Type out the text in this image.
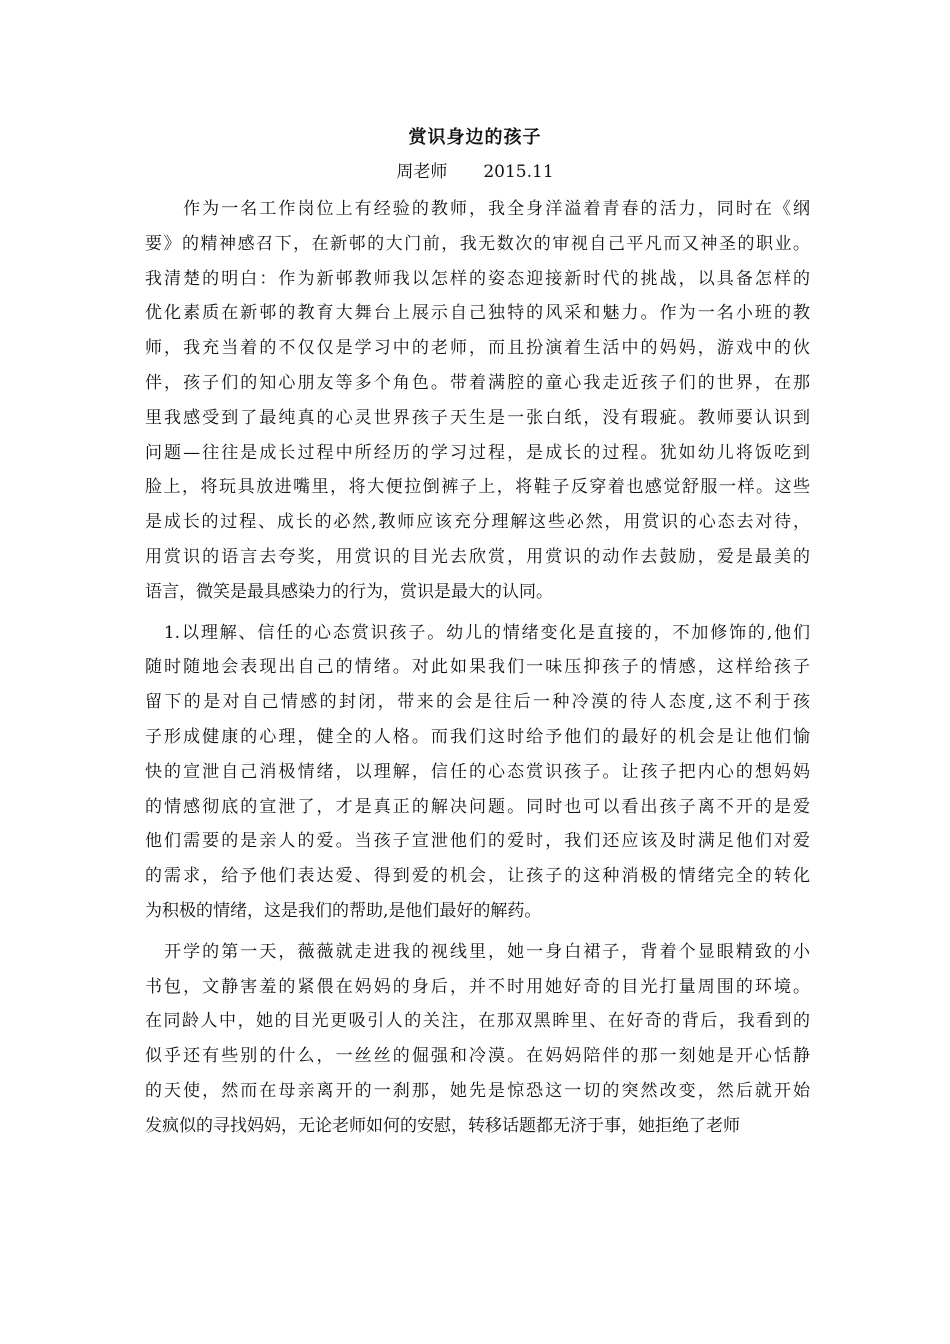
赏识身边的孩子
周老师 2015.11
　　作为一名工作岗位上有经验的教师，我全身洋溢着青春的活力，同时在《纲
要》的精神感召下，在新邨的大门前，我无数次的审视自己平凡而又神圣的职业。
我清楚的明白：作为新邨教师我以怎样的姿态迎接新时代的挑战，以具备怎样的
优化素质在新邨的教育大舞台上展示自己独特的风采和魅力。作为一名小班的教
师，我充当着的不仅仅是学习中的老师，而且扮演着生活中的妈妈，游戏中的伙
伴，孩子们的知心朋友等多个角色。带着满腔的童心我走近孩子们的世界，在那
里我感受到了最纯真的心灵世界孩子天生是一张白纸，没有瑕疵。教师要认识到
问题—往往是成长过程中所经历的学习过程，是成长的过程。犹如幼儿将饭吃到
脸上，将玩具放进嘴里，将大便拉倒裤子上，将鞋子反穿着也感觉舒服一样。这些
是成长的过程、成长的必然,教师应该充分理解这些必然，用赏识的心态去对待，
用赏识的语言去夸奖，用赏识的目光去欣赏，用赏识的动作去鼓励，爱是最美的
语言，微笑是最具感染力的行为，赏识是最大的认同。
　1.以理解、信任的心态赏识孩子。幼儿的情绪变化是直接的，不加修饰的,他们
随时随地会表现出自己的情绪。对此如果我们一味压抑孩子的情感，这样给孩子
留下的是对自己情感的封闭，带来的会是往后一种冷漠的待人态度,这不利于孩
子形成健康的心理，健全的人格。而我们这时给予他们的最好的机会是让他们愉
快的宣泄自己消极情绪，以理解，信任的心态赏识孩子。让孩子把内心的想妈妈
的情感彻底的宣泄了，才是真正的解决问题。同时也可以看出孩子离不开的是爱
他们需要的是亲人的爱。当孩子宣泄他们的爱时，我们还应该及时满足他们对爱
的需求，给予他们表达爱、得到爱的机会，让孩子的这种消极的情绪完全的转化
为积极的情绪，这是我们的帮助,是他们最好的解药。
　开学的第一天，薇薇就走进我的视线里，她一身白裙子，背着个显眼精致的小
书包，文静害羞的紧偎在妈妈的身后，并不时用她好奇的目光打量周围的环境。
在同龄人中，她的目光更吸引人的关注，在那双黑眸里、在好奇的背后，我看到的
似乎还有些别的什么，一丝丝的倔强和冷漠。在妈妈陪伴的那一刻她是开心恬静
的天使，然而在母亲离开的一刹那，她先是惊恐这一切的突然改变，然后就开始
发疯似的寻找妈妈，无论老师如何的安慰，转移话题都无济于事，她拒绝了老师
